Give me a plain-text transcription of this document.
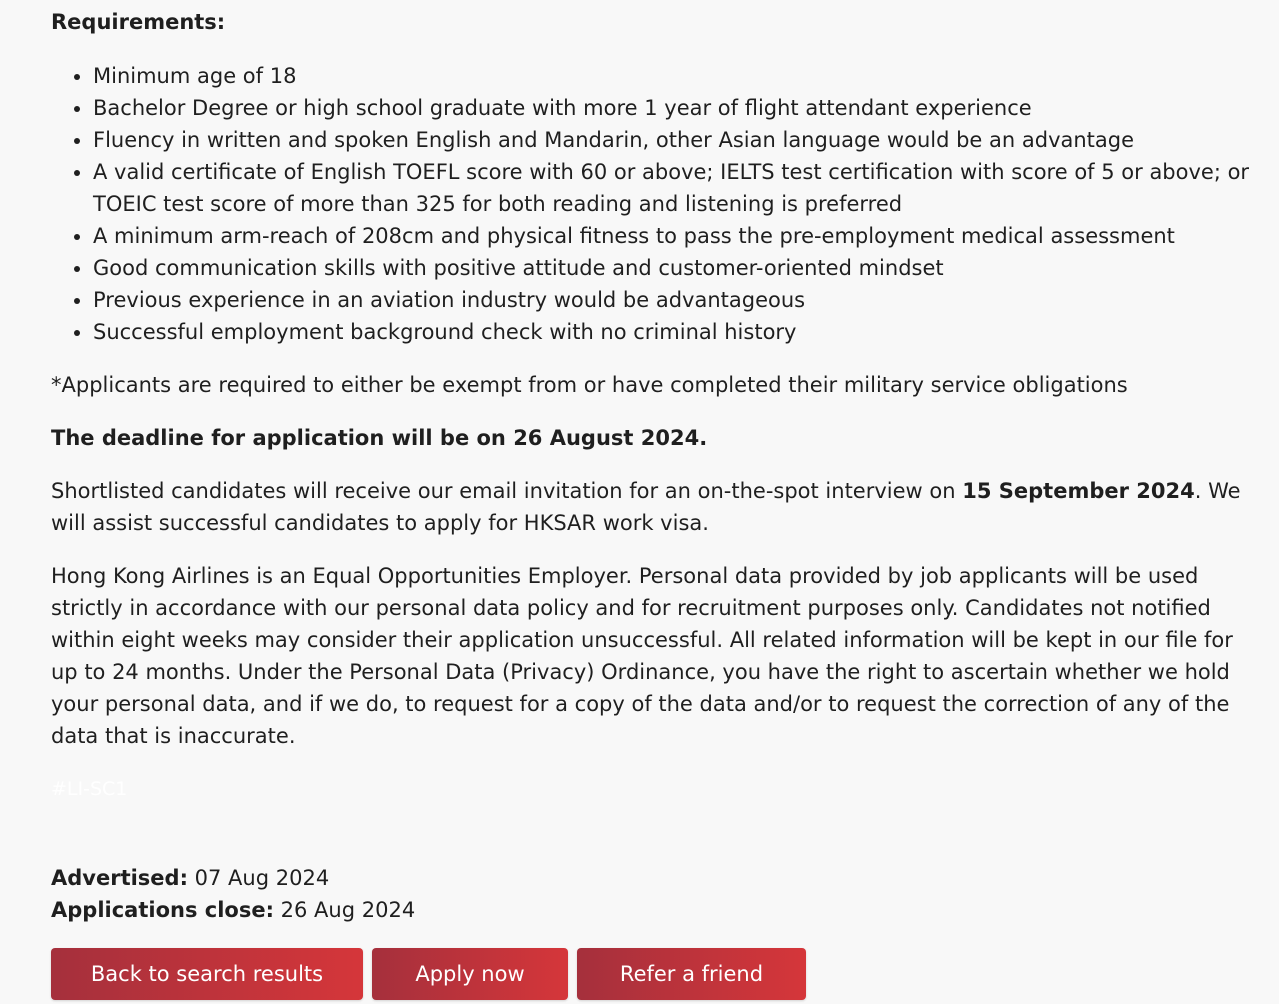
Requirements:

• Minimum age of 18
• Bachelor Degree or high school graduate with more 1 year of flight attendant experience
• Fluency in written and spoken English and Mandarin, other Asian language would be an advantage
• A valid certificate of English TOEFL score with 60 or above; IELTS test certification with score of 5 or above; or TOEIC test score of more than 325 for both reading and listening is preferred
• A minimum arm-reach of 208cm and physical fitness to pass the pre-employment medical assessment
• Good communication skills with positive attitude and customer-oriented mindset
• Previous experience in an aviation industry would be advantageous
• Successful employment background check with no criminal history

*Applicants are required to either be exempt from or have completed their military service obligations

The deadline for application will be on 26 August 2024.

Shortlisted candidates will receive our email invitation for an on-the-spot interview on 15 September 2024. We will assist successful candidates to apply for HKSAR work visa.

Hong Kong Airlines is an Equal Opportunities Employer. Personal data provided by job applicants will be used strictly in accordance with our personal data policy and for recruitment purposes only. Candidates not notified within eight weeks may consider their application unsuccessful. All related information will be kept in our file for up to 24 months. Under the Personal Data (Privacy) Ordinance, you have the right to ascertain whether we hold your personal data, and if we do, to request for a copy of the data and/or to request the correction of any of the data that is inaccurate.

#LI-SC1

Advertised: 07 Aug 2024
Applications close: 26 Aug 2024
Back to search results	Apply now	Refer a friend
